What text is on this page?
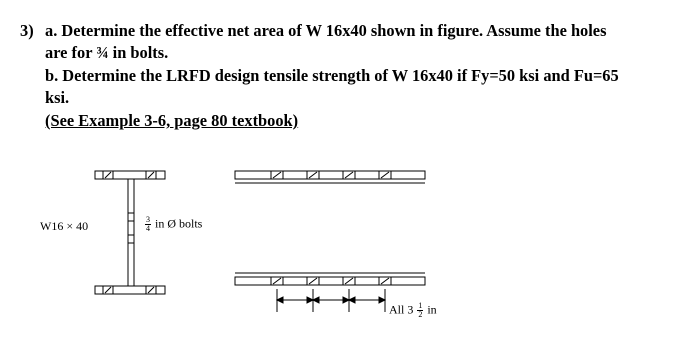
3) a. Determine the effective net area of W 16x40 shown in figure. Assume the holes
are for ¾ in bolts.
b. Determine the LRFD design tensile strength of W 16x40 if Fy=50 ksi and Fu=65
ksi.
(See Example 3-6, page 80 textbook)
W16 × 40	$\frac{3}{4}$ in Ø bolts
All $3 \frac{1}{2}$ in
